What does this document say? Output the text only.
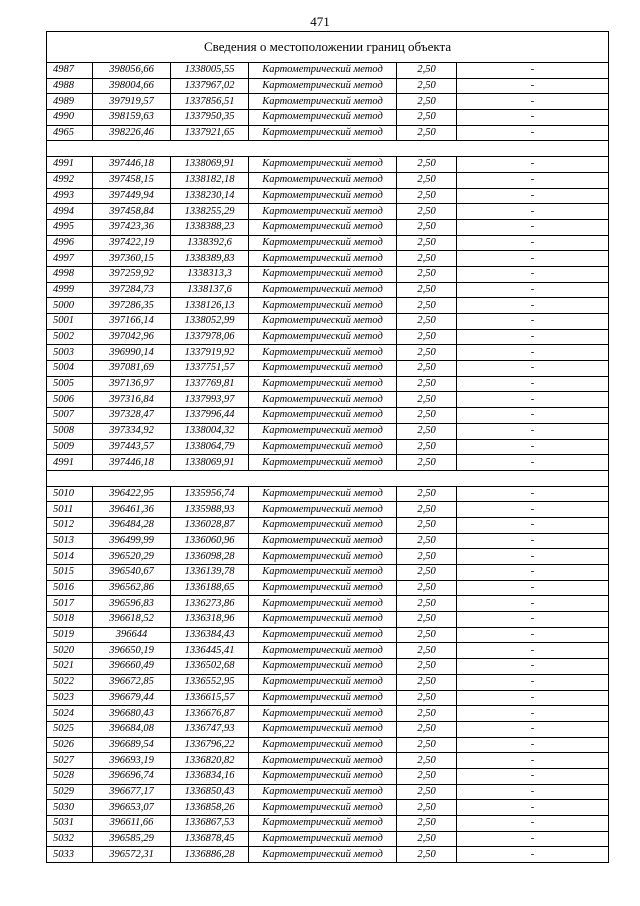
471
Сведения о местоположении границ объекта					
4987	398056,66	1338005,55	Картометрический метод	2,50	-
4988	398004,66	1337967,02	Картометрический метод	2,50	-
4989	397919,57	1337856,51	Картометрический метод	2,50	-
4990	398159,63	1337950,35	Картометрический метод	2,50	-
4965	398226,46	1337921,65	Картометрический метод	2,50	-

4991	397446,18	1338069,91	Картометрический метод	2,50	-
4992	397458,15	1338182,18	Картометрический метод	2,50	-
4993	397449,94	1338230,14	Картометрический метод	2,50	-
4994	397458,84	1338255,29	Картометрический метод	2,50	-
4995	397423,36	1338388,23	Картометрический метод	2,50	-
4996	397422,19	1338392,6	Картометрический метод	2,50	-
4997	397360,15	1338389,83	Картометрический метод	2,50	-
4998	397259,92	1338313,3	Картометрический метод	2,50	-
4999	397284,73	1338137,6	Картометрический метод	2,50	-
5000	397286,35	1338126,13	Картометрический метод	2,50	-
5001	397166,14	1338052,99	Картометрический метод	2,50	-
5002	397042,96	1337978,06	Картометрический метод	2,50	-
5003	396990,14	1337919,92	Картометрический метод	2,50	-
5004	397081,69	1337751,57	Картометрический метод	2,50	-
5005	397136,97	1337769,81	Картометрический метод	2,50	-
5006	397316,84	1337993,97	Картометрический метод	2,50	-
5007	397328,47	1337996,44	Картометрический метод	2,50	-
5008	397334,92	1338004,32	Картометрический метод	2,50	-
5009	397443,57	1338064,79	Картометрический метод	2,50	-
4991	397446,18	1338069,91	Картометрический метод	2,50	-

5010	396422,95	1335956,74	Картометрический метод	2,50	-
5011	396461,36	1335988,93	Картометрический метод	2,50	-
5012	396484,28	1336028,87	Картометрический метод	2,50	-
5013	396499,99	1336060,96	Картометрический метод	2,50	-
5014	396520,29	1336098,28	Картометрический метод	2,50	-
5015	396540,67	1336139,78	Картометрический метод	2,50	-
5016	396562,86	1336188,65	Картометрический метод	2,50	-
5017	396596,83	1336273,86	Картометрический метод	2,50	-
5018	396618,52	1336318,96	Картометрический метод	2,50	-
5019	396644	1336384,43	Картометрический метод	2,50	-
5020	396650,19	1336445,41	Картометрический метод	2,50	-
5021	396660,49	1336502,68	Картометрический метод	2,50	-
5022	396672,85	1336552,95	Картометрический метод	2,50	-
5023	396679,44	1336615,57	Картометрический метод	2,50	-
5024	396680,43	1336676,87	Картометрический метод	2,50	-
5025	396684,08	1336747,93	Картометрический метод	2,50	-
5026	396689,54	1336796,22	Картометрический метод	2,50	-
5027	396693,19	1336820,82	Картометрический метод	2,50	-
5028	396696,74	1336834,16	Картометрический метод	2,50	-
5029	396677,17	1336850,43	Картометрический метод	2,50	-
5030	396653,07	1336858,26	Картометрический метод	2,50	-
5031	396611,66	1336867,53	Картометрический метод	2,50	-
5032	396585,29	1336878,45	Картометрический метод	2,50	-
5033	396572,31	1336886,28	Картометрический метод	2,50	-
